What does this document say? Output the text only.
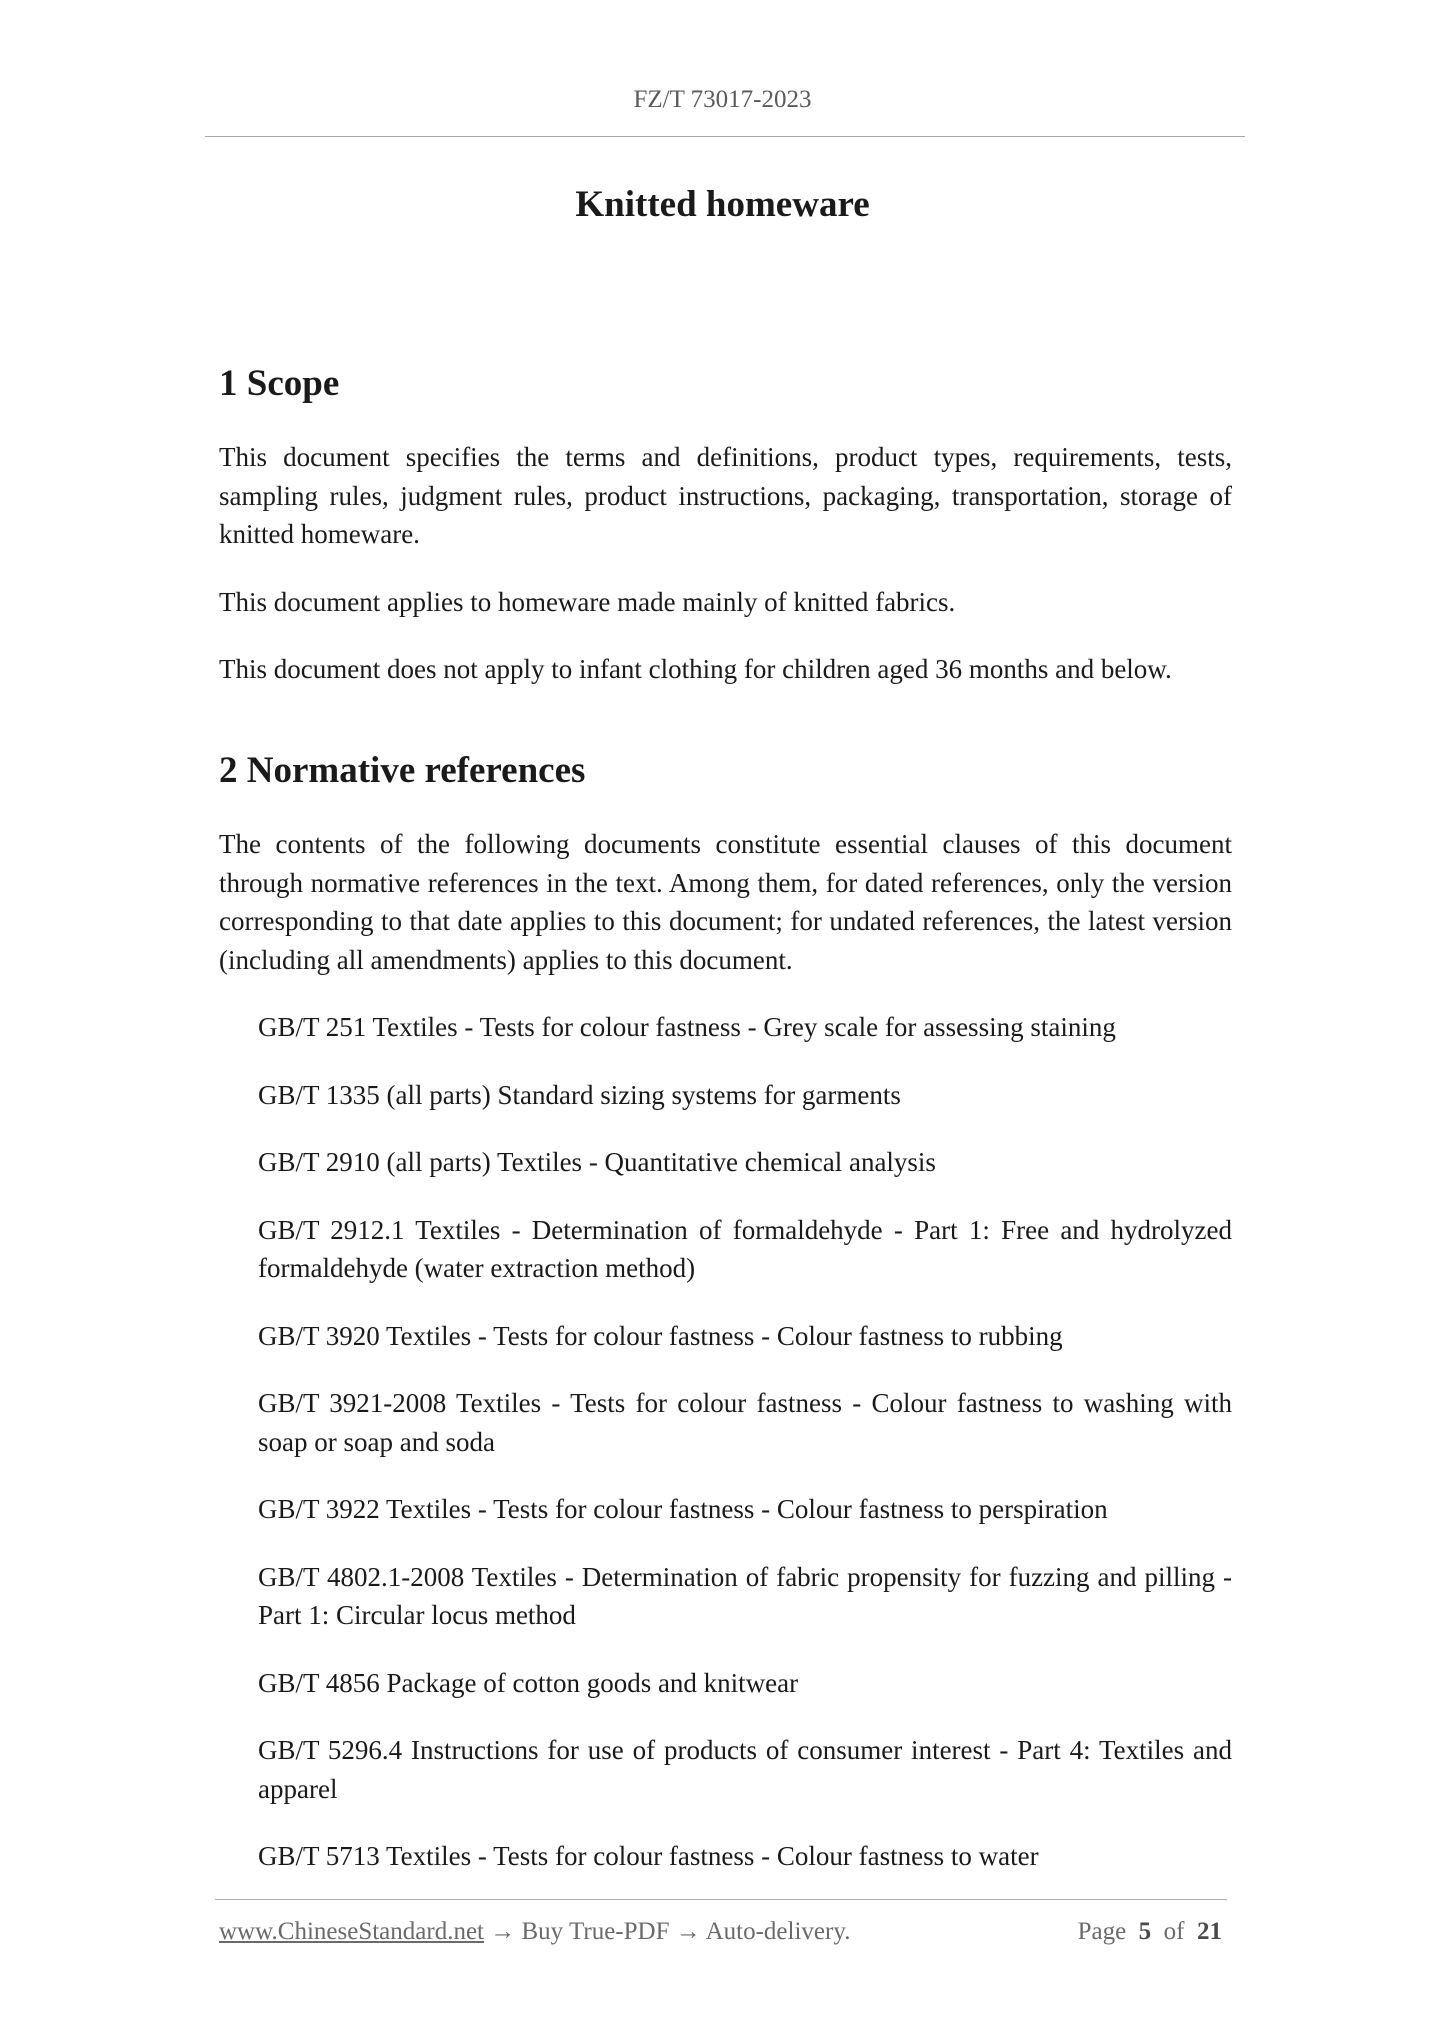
FZ/T 73017-2023
Knitted homeware
1 Scope

This document specifies the terms and definitions, product types, requirements, tests, sampling rules, judgment rules, product instructions, packaging, transportation, storage of knitted homeware.

This document applies to homeware made mainly of knitted fabrics.

This document does not apply to infant clothing for children aged 36 months and below.

2 Normative references

The contents of the following documents constitute essential clauses of this document through normative references in the text. Among them, for dated references, only the version corresponding to that date applies to this document; for undated references, the latest version (including all amendments) applies to this document.

GB/T 251 Textiles - Tests for colour fastness - Grey scale for assessing staining

GB/T 1335 (all parts) Standard sizing systems for garments

GB/T 2910 (all parts) Textiles - Quantitative chemical analysis

GB/T 2912.1 Textiles - Determination of formaldehyde - Part 1: Free and hydrolyzed formaldehyde (water extraction method)

GB/T 3920 Textiles - Tests for colour fastness - Colour fastness to rubbing

GB/T 3921-2008 Textiles - Tests for colour fastness - Colour fastness to washing with soap or soap and soda

GB/T 3922 Textiles - Tests for colour fastness - Colour fastness to perspiration

GB/T 4802.1-2008 Textiles - Determination of fabric propensity for fuzzing and pilling - Part 1: Circular locus method

GB/T 4856 Package of cotton goods and knitwear

GB/T 5296.4 Instructions for use of products of consumer interest - Part 4: Textiles and apparel

GB/T 5713 Textiles - Tests for colour fastness - Colour fastness to water

www.ChineseStandard.net → Buy True-PDF → Auto-delivery.	Page 5 of 21
